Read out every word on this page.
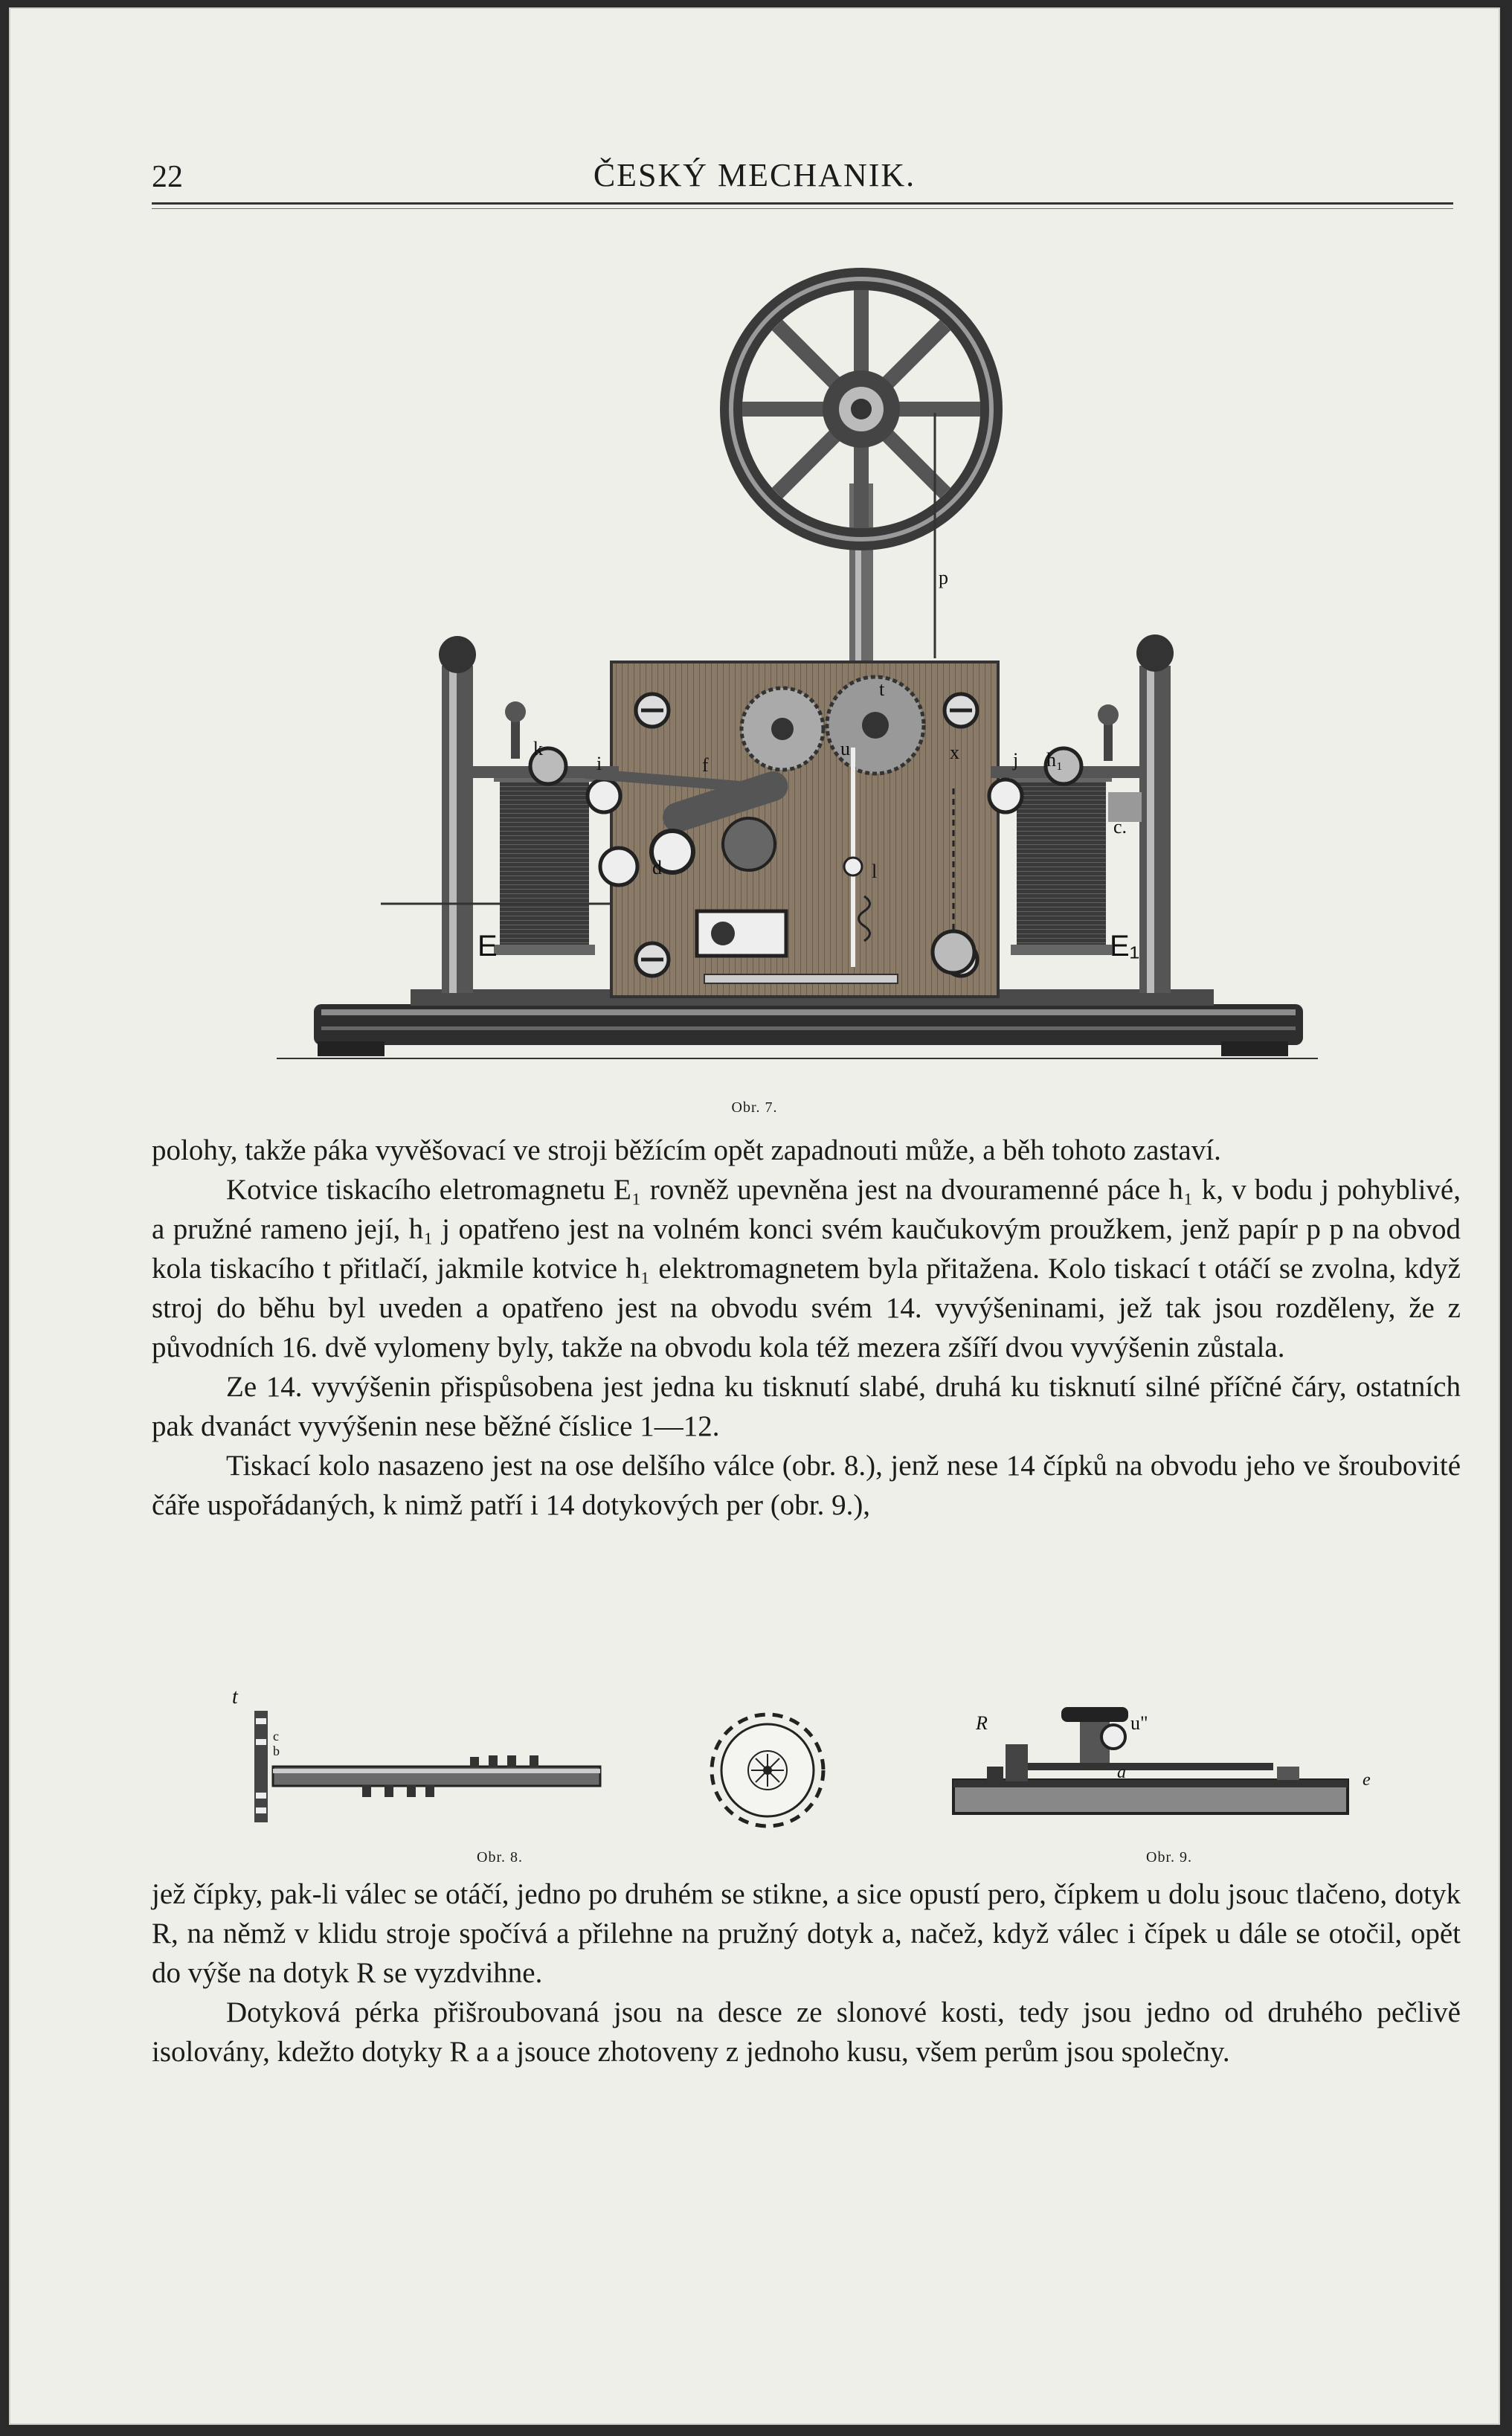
22	ČESKÝ MECHANIK.
k
i	f
d
t
u	x	j h₁
c.
l
p
E	E₁
Obr. 7.

polohy, takže páka vyvěšovací ve stroji běžícím opět zapadnouti může, a běh tohoto zastaví.

Kotvice tiskacího eletromagnetu E₁ rovněž upevněna jest na dvouramenné páce h₁ k, v bodu j pohyblivé, a pružné rameno její, h₁ j opatřeno jest na volném konci svém kaučukovým proužkem, jenž papír p p na obvod kola tiskacího t přitlačí, jakmile kotvice h₁ elektromagnetem byla přitažena. Kolo tiskací t otáčí se zvolna, když stroj do běhu byl uveden a opatřeno jest na obvodu svém 14. vyvýšeninami, jež tak jsou rozděleny, že z původních 16. dvě vylomeny byly, takže na obvodu kola též mezera zšíří dvou vyvýšenin zůstala.

Ze 14. vyvýšenin přispůsobena jest jedna ku tisknutí slabé, druhá ku tisknutí silné příčné čáry, ostatních pak dvanáct vyvýšenin nese běžné číslice 1—12.

Tiskací kolo nasazeno jest na ose delšího válce (obr. 8.), jenž nese 14 čípků na obvodu jeho ve šroubovité čáře uspořádaných, k nimž patří i 14 dotykových per (obr. 9.),

t
c
b
Obr. 8.
R	u"
a	e
Obr. 9.

jež čípky, pak-li válec se otáčí, jedno po druhém se stikne, a sice opustí pero, čípkem u dolu jsouc tlačeno, dotyk R, na němž v klidu stroje spočívá a přilehne na pružný dotyk a, načež, když válec i čípek u dále se otočil, opět do výše na dotyk R se vyzdvihne.

Dotyková pérka přišroubovaná jsou na desce ze slonové kosti, tedy jsou jedno od druhého pečlivě isolovány, kdežto dotyky R a a jsouce zhotoveny z jednoho kusu, všem perům jsou společny.
